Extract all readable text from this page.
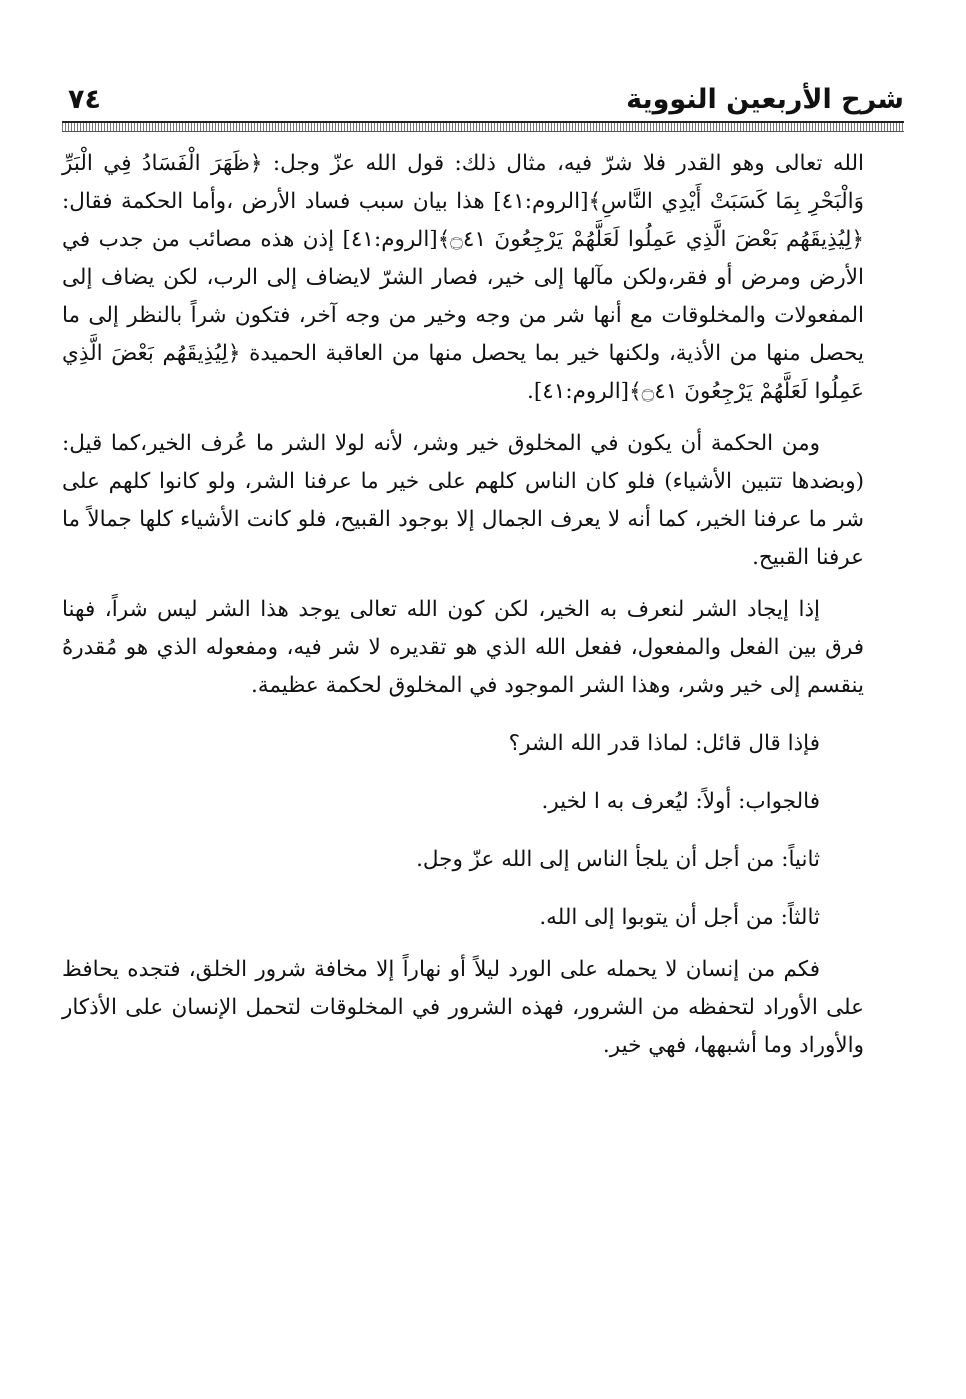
شرح الأربعين النووية
٧٤

الله تعالى وهو القدر فلا شرّ فيه، مثال ذلك: قول الله عزّ وجل: ﴿ظَهَرَ الْفَسَادُ فِي الْبَرِّ وَالْبَحْرِ بِمَا كَسَبَتْ أَيْدِي النَّاسِ﴾[الروم:٤١] هذا بيان سبب فساد الأرض ،وأما الحكمة فقال: ﴿لِيُذِيقَهُم بَعْضَ الَّذِي عَمِلُوا لَعَلَّهُمْ يَرْجِعُونَ ۝٤١﴾[الروم:٤١] إذن هذه مصائب من جدب في الأرض ومرض أو فقر،ولكن مآلها إلى خير، فصار الشرّ لايضاف إلى الرب، لكن يضاف إلى المفعولات والمخلوقات مع أنها شر من وجه وخير من وجه آخر، فتكون شراً بالنظر إلى ما يحصل منها من الأذية، ولكنها خير بما يحصل منها من العاقبة الحميدة ﴿لِيُذِيقَهُم بَعْضَ الَّذِي عَمِلُوا لَعَلَّهُمْ يَرْجِعُونَ ۝٤١﴾[الروم:٤١].

ومن الحكمة أن يكون في المخلوق خير وشر، لأنه لولا الشر ما عُرف الخير،كما قيل: (وبضدها تتبين الأشياء) فلو كان الناس كلهم على خير ما عرفنا الشر، ولو كانوا كلهم على شر ما عرفنا الخير، كما أنه لا يعرف الجمال إلا بوجود القبيح، فلو كانت الأشياء كلها جمالاً ما عرفنا القبيح.

إذا إيجاد الشر لنعرف به الخير، لكن كون الله تعالى يوجد هذا الشر ليس شراً، فهنا فرق بين الفعل والمفعول، ففعل الله الذي هو تقديره لا شر فيه، ومفعوله الذي هو مُقدرهُ ينقسم إلى خير وشر، وهذا الشر الموجود في المخلوق لحكمة عظيمة.

فإذا قال قائل: لماذا قدر الله الشر؟

فالجواب: أولاً: ليُعرف به ا لخير.

ثانياً: من أجل أن يلجأ الناس إلى الله عزّ وجل.

ثالثاً: من أجل أن يتوبوا إلى الله.

فكم من إنسان لا يحمله على الورد ليلاً أو نهاراً إلا مخافة شرور الخلق، فتجده يحافظ على الأوراد لتحفظه من الشرور، فهذه الشرور في المخلوقات لتحمل الإنسان على الأذكار والأوراد وما أشبهها، فهي خير.
